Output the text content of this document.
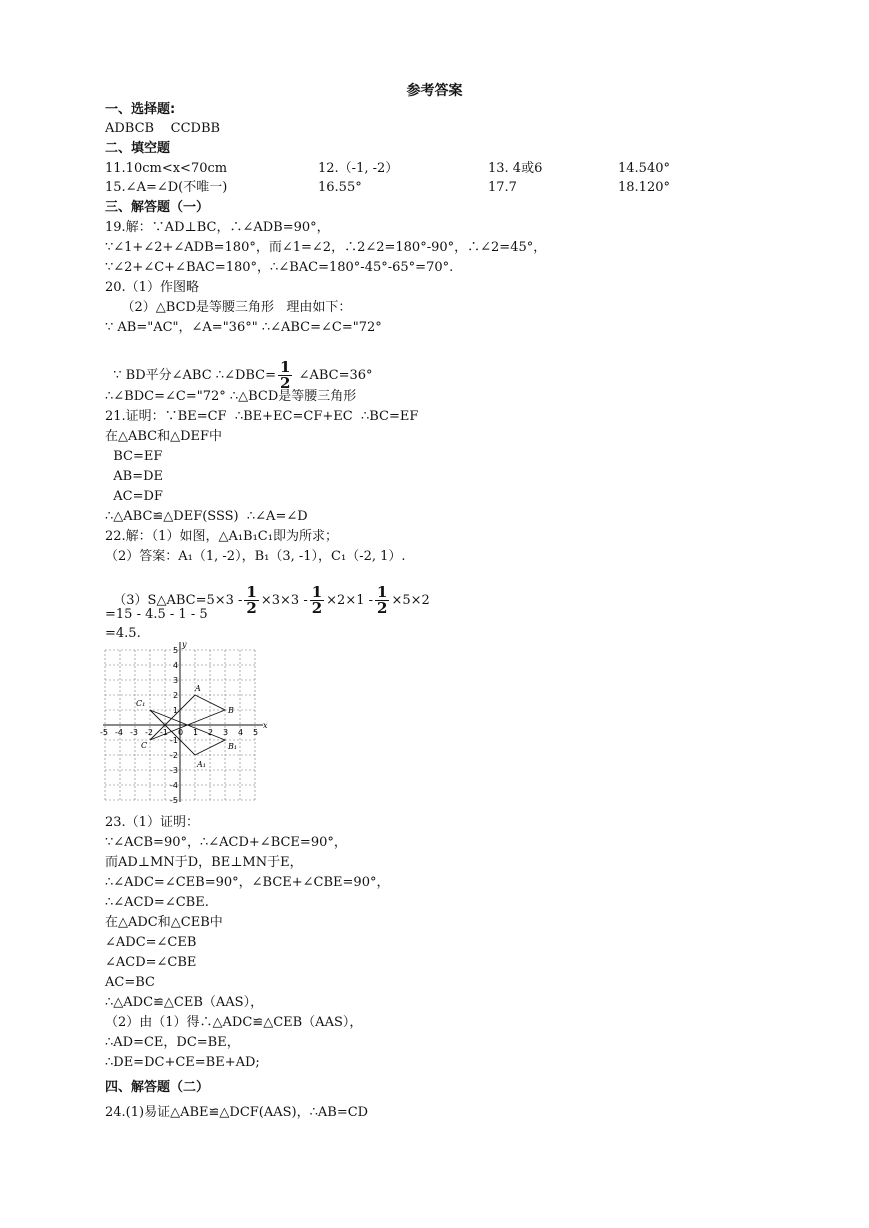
参考答案
一、选择题:
ADBCB    CCDBB
二、填空题
11.10cm<x<70cm	12.（-1, -2）	13. 4或6	14.540°
15.∠A=∠D(不唯一)	16.55°	17.7	18.120°
三、解答题（一）
19.解：∵AD⊥BC，∴∠ADB=90°，
∵∠1+∠2+∠ADB=180°，而∠1=∠2，∴2∠2=180°-90°，∴∠2=45°，
∵∠2+∠C+∠BAC=180°，∴∠BAC=180°-45°-65°=70°.
20.（1）作图略
（2）△BCD是等腰三角形   理由如下：
∵ AB="AC"，∠A="36°" ∴∠ABC=∠C="72°

∵ BD平分∠ABC ∴∠DBC= $\frac{1}{2}$ ∠ABC=36°

∴∠BDC=∠C="72° ∴△BCD是等腰三角形
21.证明：∵BE=CF  ∴BE+EC=CF+EC  ∴BC=EF
在△ABC和△DEF中
BC=EF
AB=DE
AC=DF
∴△ABC≌△DEF(SSS)  ∴∠A=∠D
22.解：（1）如图，△A₁B₁C₁即为所求；
（2）答案：A₁（1, -2），B₁（3, -1），C₁（-2, 1）.

（3）S△ABC=5×3 - $\frac{1}{2} \times 3\times 3 - \frac{1}{2} \times 2\times 1 - \frac{1}{2} \times 5\times 2$

=15 - 4.5 - 1 - 5
=4.5.
x
y
-5 -4 -3 -2 -1 0 1 2 3 4 5
5
4
3
2
1
-1
-2
-3
-4
-5
A
B
C
A₁
B₁
C₁
23.（1）证明：
∵∠ACB=90°，∴∠ACD+∠BCE=90°，
而AD⊥MN于D，BE⊥MN于E，
∴∠ADC=∠CEB=90°，∠BCE+∠CBE=90°，
∴∠ACD=∠CBE.
在△ADC和△CEB中
∠ADC=∠CEB
∠ACD=∠CBE
AC=BC
∴△ADC≌△CEB（AAS），
（2）由（1）得∴△ADC≌△CEB（AAS），
∴AD=CE，DC=BE，
∴DE=DC+CE=BE+AD;
四、解答题（二）
24.(1)易证△ABE≌△DCF(AAS)，∴AB=CD
